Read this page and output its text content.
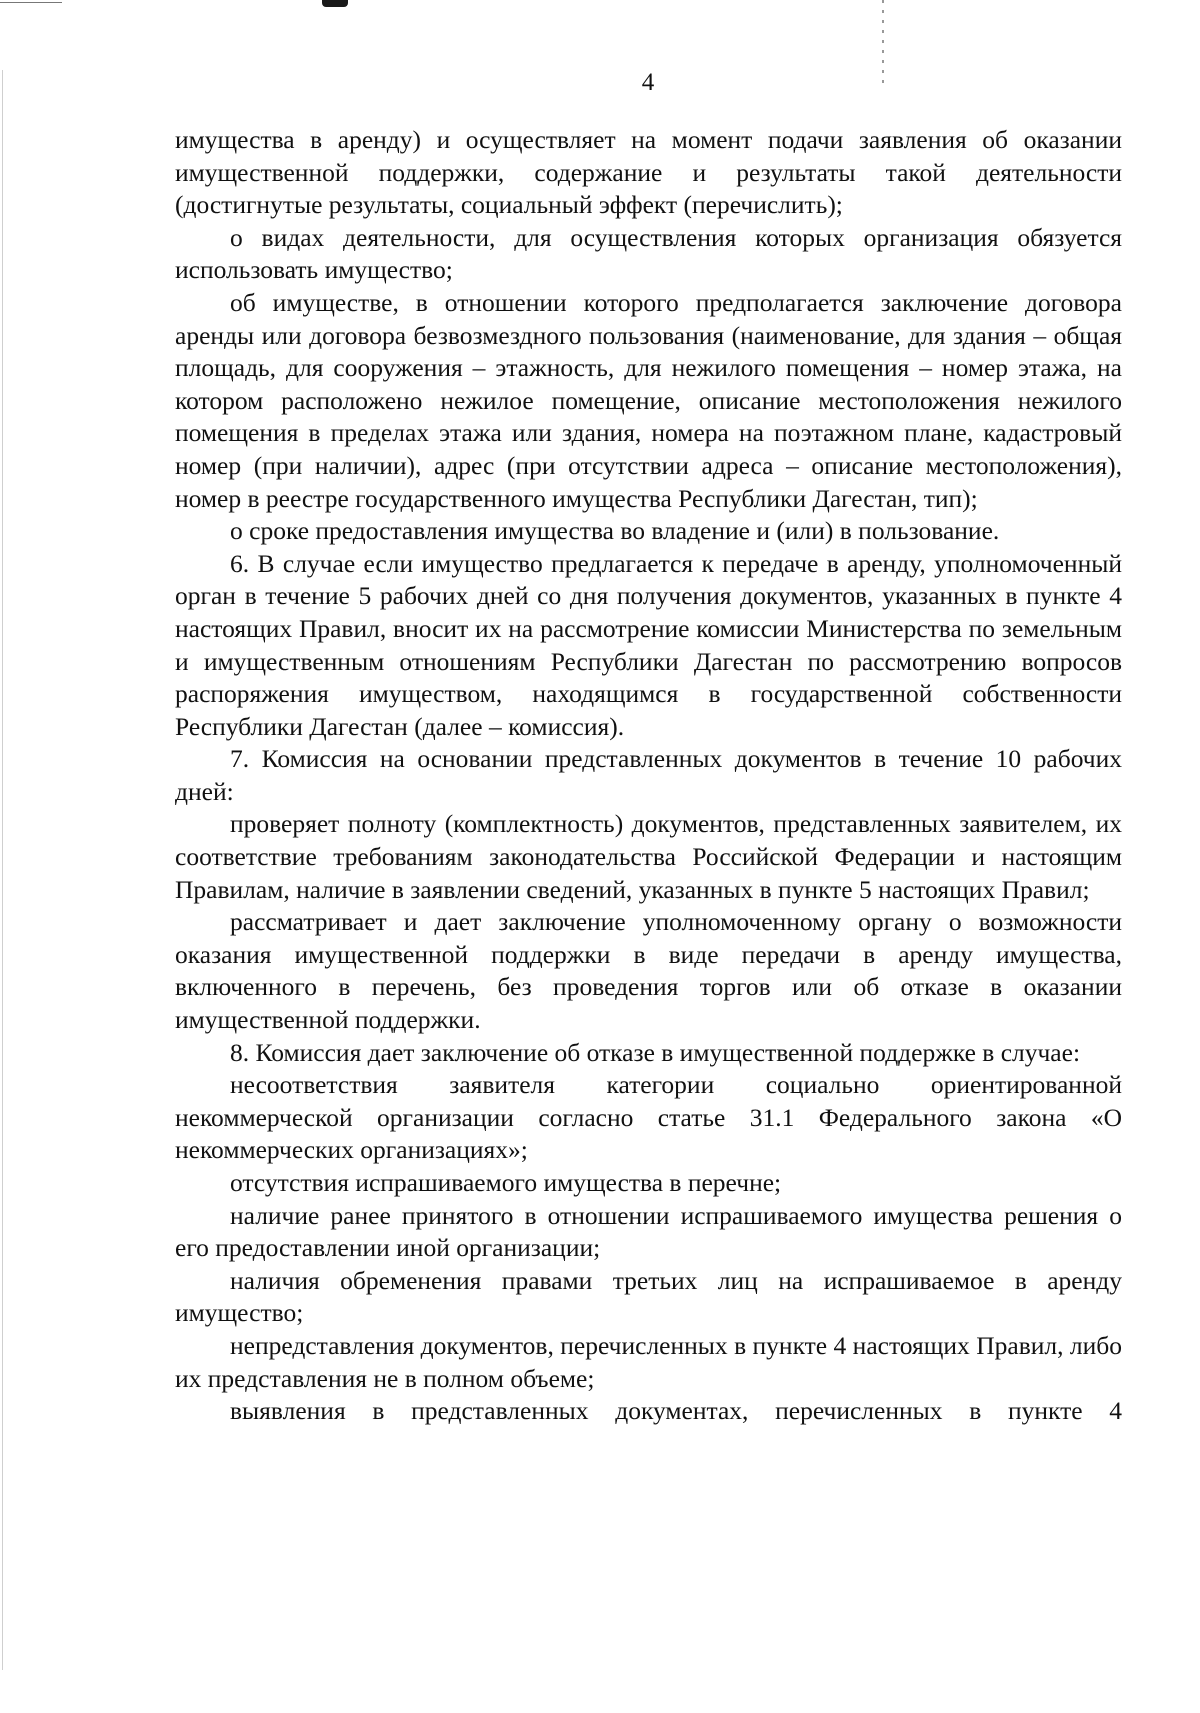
4

имущества в аренду) и осуществляет на момент подачи заявления об оказании имущественной поддержки, содержание и результаты такой деятельности (достигнутые результаты, социальный эффект (перечислить);

о видах деятельности, для осуществления которых организация обязуется использовать имущество;

об имуществе, в отношении которого предполагается заключение договора аренды или договора безвозмездного пользования (наименование, для здания – общая площадь, для сооружения – этажность, для нежилого помещения – номер этажа, на котором расположено нежилое помещение, описание местоположения нежилого помещения в пределах этажа или здания, номера на поэтажном плане, кадастровый номер (при наличии), адрес (при отсутствии адреса – описание местоположения), номер в реестре государственного имущества Республики Дагестан, тип);

о сроке предоставления имущества во владение и (или) в пользование.

6. В случае если имущество предлагается к передаче в аренду, уполномоченный орган в течение 5 рабочих дней со дня получения документов, указанных в пункте 4 настоящих Правил, вносит их на рассмотрение комиссии Министерства по земельным и имущественным отношениям Республики Дагестан по рассмотрению вопросов распоряжения имуществом, находящимся в государственной собственности Республики Дагестан (далее – комиссия).

7. Комиссия на основании представленных документов в течение 10 рабочих дней:

проверяет полноту (комплектность) документов, представленных заявителем, их соответствие требованиям законодательства Российской Федерации и настоящим Правилам, наличие в заявлении сведений, указанных в пункте 5 настоящих Правил;

рассматривает и дает заключение уполномоченному органу о возможности оказания имущественной поддержки в виде передачи в аренду имущества, включенного в перечень, без проведения торгов или об отказе в оказании имущественной поддержки.

8. Комиссия дает заключение об отказе в имущественной поддержке в случае:

несоответствия заявителя категории социально ориентированной некоммерческой организации согласно статье 31.1 Федерального закона «О некоммерческих организациях»;

отсутствия испрашиваемого имущества в перечне;

наличие ранее принятого в отношении испрашиваемого имущества решения о его предоставлении иной организации;

наличия обременения правами третьих лиц на испрашиваемое в аренду имущество;

непредставления документов, перечисленных в пункте 4 настоящих Правил, либо их представления не в полном объеме;

выявления в представленных документах, перечисленных в пункте 4
